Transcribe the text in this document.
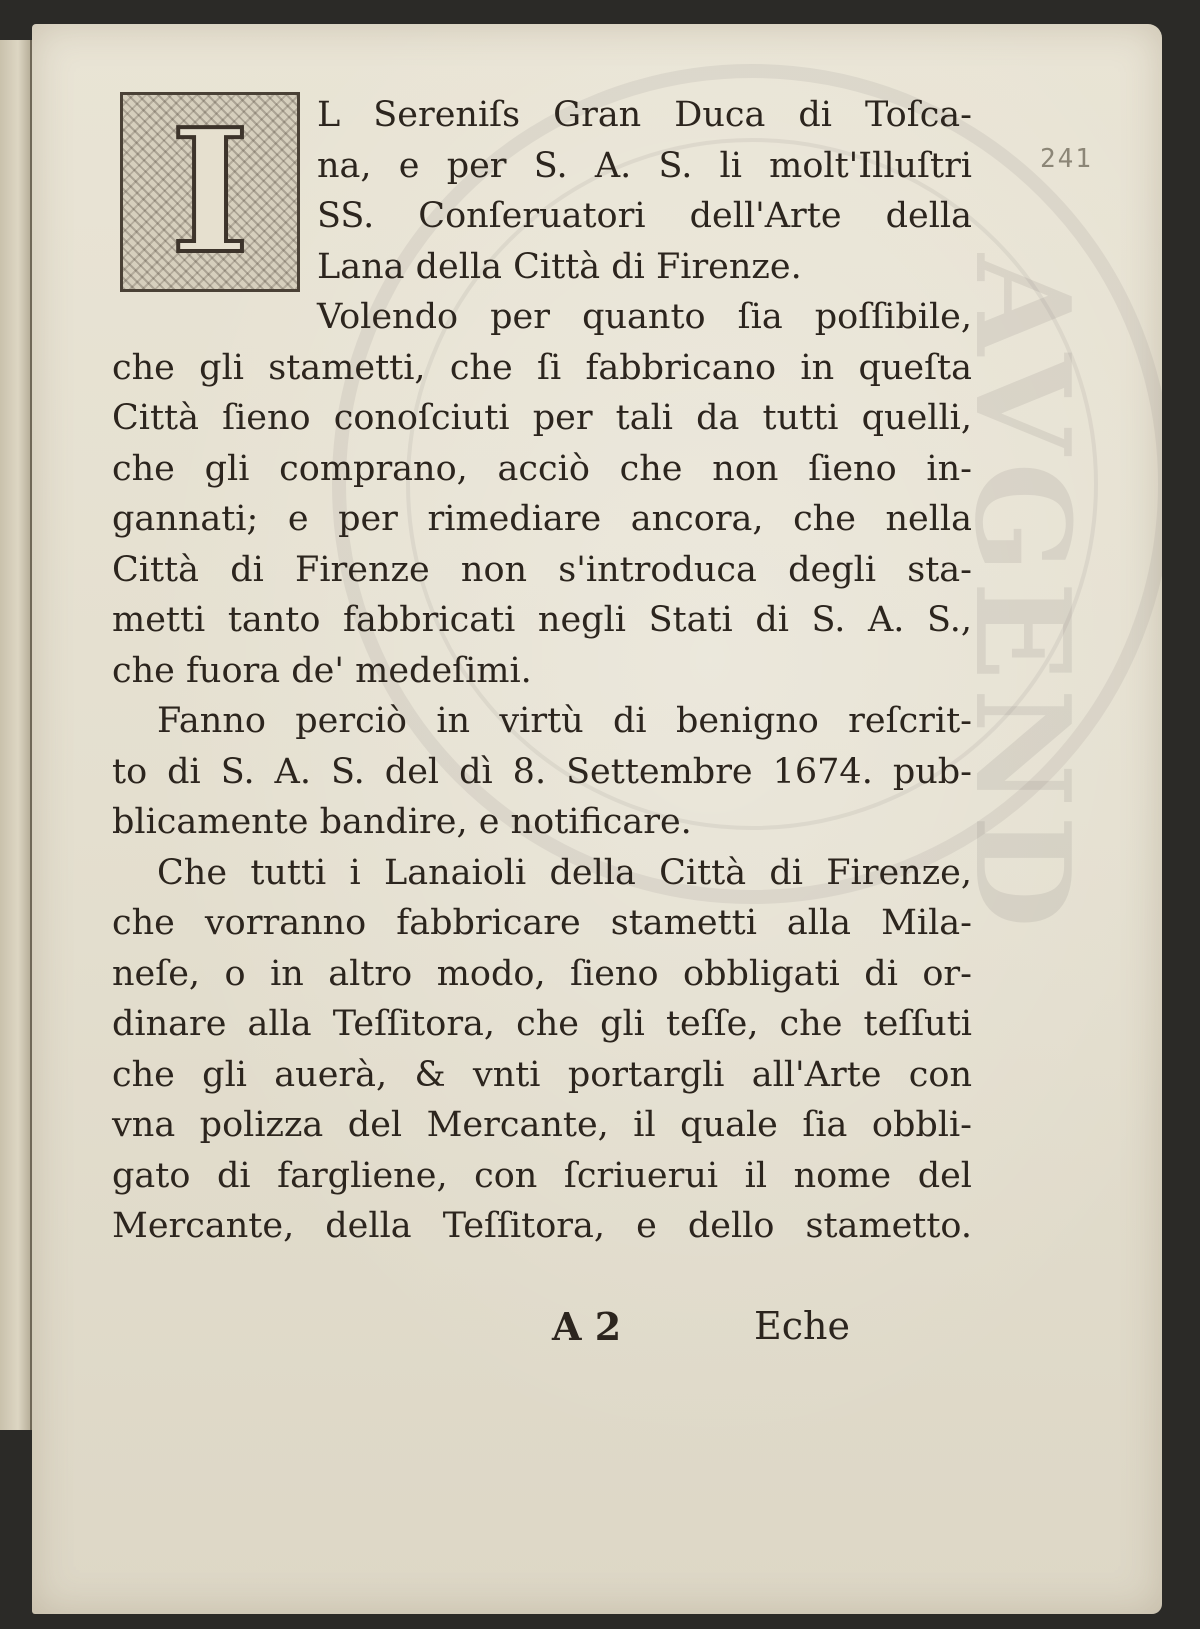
AVGEND
241
I	L Sereniſs Gran Duca di Toſca-
na, e per S. A. S. li molt'Illuſtri
SS. Conſeruatori dell'Arte della
Lana della Città di Firenze.
Volendo per quanto ſia poſſibile,
che gli stametti, che ſi fabbricano in queſta
Città ſieno conoſciuti per tali da tutti quelli,
che gli comprano, acciò che non ſieno in-
gannati; e per rimediare ancora, che nella
Città di Firenze non s'introduca degli sta-
metti tanto fabbricati negli Stati di S. A. S.,
che fuora de' medeſimi.
Fanno perciò in virtù di benigno reſcrit-
to di S. A. S. del dì 8. Settembre 1674. pub-
blicamente bandire, e notificare.
Che tutti i Lanaioli della Città di Firenze,
che vorranno fabbricare stametti alla Mila-
neſe, o in altro modo, ſieno obbligati di or-
dinare alla Teſſitora, che gli teſſe, che teſſuti
che gli auerà, & vnti portargli all'Arte con
vna polizza del Mercante, il quale ſia obbli-
gato di fargliene, con ſcriuerui il nome del
Mercante, della Teſſitora, e dello stametto.
A 2	Eche
